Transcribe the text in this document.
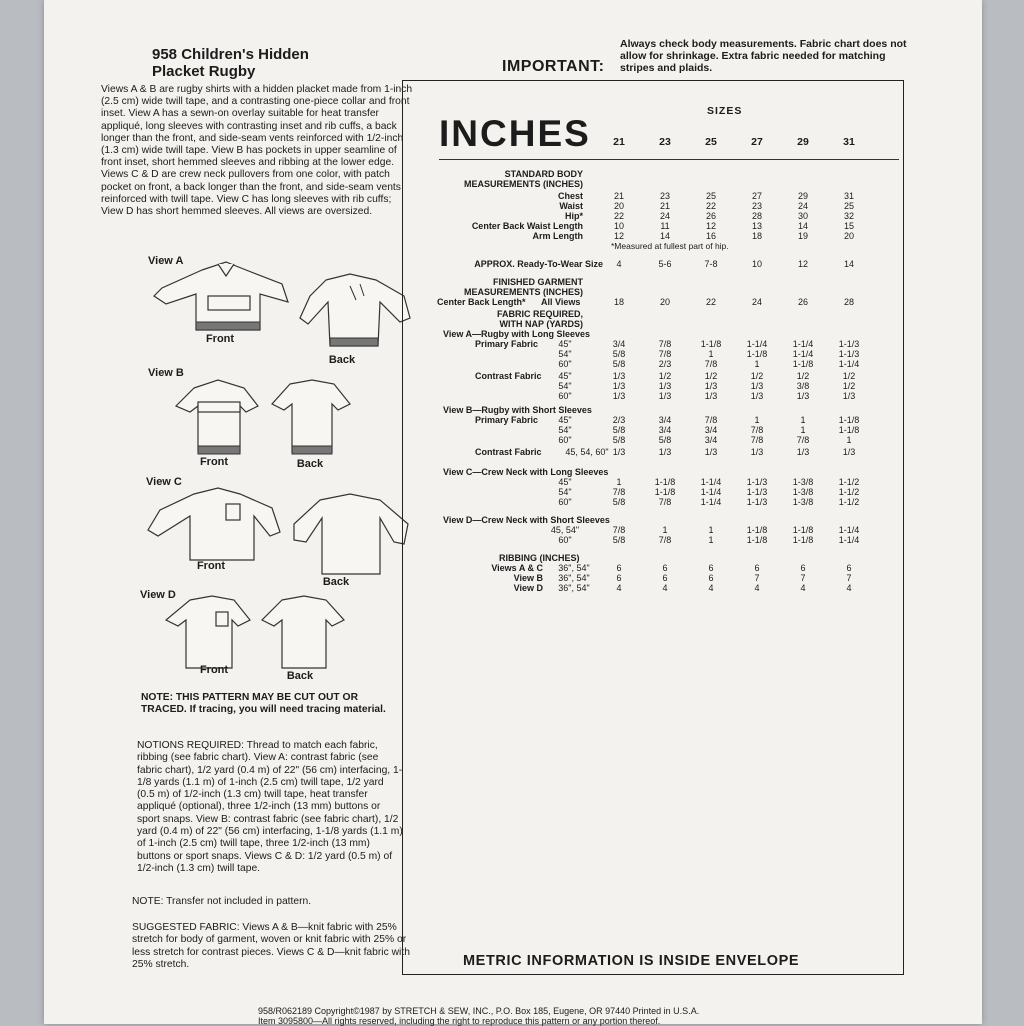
958 Children's Hidden
Placket Rugby
Views A & B are rugby shirts with a hidden placket made from 1-inch (2.5 cm) wide twill tape, and a contrasting one-piece collar and front inset. View A has a sewn-on overlay suitable for heat transfer appliqué, long sleeves with contrasting inset and rib cuffs, a back longer than the front, and side-seam vents reinforced with 1/2-inch (1.3 cm) wide twill tape. View B has pockets in upper seamline of front inset, short hemmed sleeves and ribbing at the lower edge. Views C & D are crew neck pullovers from one color, with patch pocket on front, a back longer than the front, and side-seam vents reinforced with twill tape. View C has long sleeves with rib cuffs; View D has short hemmed sleeves. All views are oversized.
View A
Front
Back
View B
Front	Back
View C
Front
Back
View D
Front	Back
NOTE: THIS PATTERN MAY BE CUT OUT OR TRACED. If tracing, you will need tracing material.
NOTIONS REQUIRED: Thread to match each fabric, ribbing (see fabric chart). View A: contrast fabric (see fabric chart), 1/2 yard (0.4 m) of 22" (56 cm) interfacing, 1-1/8 yards (1.1 m) of 1-inch (2.5 cm) twill tape, 1/2 yard (0.5 m) of 1/2-inch (1.3 cm) twill tape, heat transfer appliqué (optional), three 1/2-inch (13 mm) buttons or sport snaps. View B: contrast fabric (see fabric chart), 1/2 yard (0.4 m) of 22" (56 cm) interfacing, 1-1/8 yards (1.1 m) of 1-inch (2.5 cm) twill tape, three 1/2-inch (13 mm) buttons or sport snaps. Views C & D: 1/2 yard (0.5 m) of 1/2-inch (1.3 cm) twill tape.
NOTE: Transfer not included in pattern.
SUGGESTED FABRIC: Views A & B—knit fabric with 25% stretch for body of garment, woven or knit fabric with 25% or less stretch for contrast pieces. Views C & D—knit fabric with 25% stretch.
IMPORTANT:
Always check body measurements. Fabric chart does not allow for shrinkage. Extra fabric needed for matching stripes and plaids.
INCHES
SIZES
21	23	25	27	29	31
STANDARD BODY
MEASUREMENTS (INCHES)
Chest	21	23	25	27	29	31
Waist	20	21	22	23	24	25
Hip*	22	24	26	28	30	32
Center Back Waist Length	10	11	12	13	14	15
Arm Length	12	14	16	18	19	20
*Measured at fullest part of hip.
APPROX. Ready-To-Wear Size	4	5-6	7-8	10	12	14
FINISHED GARMENT
MEASUREMENTS (INCHES)
Center Back Length* All Views	18	20	22	24	26	28
FABRIC REQUIRED,
WITH NAP (YARDS)
View A—Rugby with Long Sleeves
Primary Fabric	45"	3/4	7/8	1-1/8	1-1/4	1-1/4	1-1/3
54"	5/8	7/8	1	1-1/8	1-1/4	1-1/3
60"	5/8	2/3	7/8	1	1-1/8	1-1/4
Contrast Fabric	45"	1/3	1/2	1/2	1/2	1/2	1/2
54"	1/3	1/3	1/3	1/3	3/8	1/2
60"	1/3	1/3	1/3	1/3	1/3	1/3
View B—Rugby with Short Sleeves
Primary Fabric	45"	2/3	3/4	7/8	1	1	1-1/8
54"	5/8	3/4	3/4	7/8	1	1-1/8
60"	5/8	5/8	3/4	7/8	7/8	1
Contrast Fabric	45, 54, 60" 1/3	1/3	1/3	1/3	1/3	1/3
View C—Crew Neck with Long Sleeves
45"	1	1-1/8	1-1/4	1-1/3	1-3/8	1-1/2
54"	7/8	1-1/8	1-1/4	1-1/3	1-3/8	1-1/2
60"	5/8	7/8	1-1/4	1-1/3	1-3/8	1-1/2
View D—Crew Neck with Short Sleeves
45, 54"	7/8	1	1	1-1/8	1-1/8	1-1/4
60"	5/8	7/8	1	1-1/8	1-1/8	1-1/4
RIBBING (INCHES)
Views A & C	36", 54"	6	6	6	6	6	6
View B	36", 54"	6	6	6	7	7	7
View D	36", 54"	4	4	4	4	4	4
METRIC INFORMATION IS INSIDE ENVELOPE
958/R062189 Copyright©1987 by STRETCH & SEW, INC., P.O. Box 185, Eugene, OR 97440 Printed in U.S.A.
Item 3095800—All rights reserved, including the right to reproduce this pattern or any portion thereof.
